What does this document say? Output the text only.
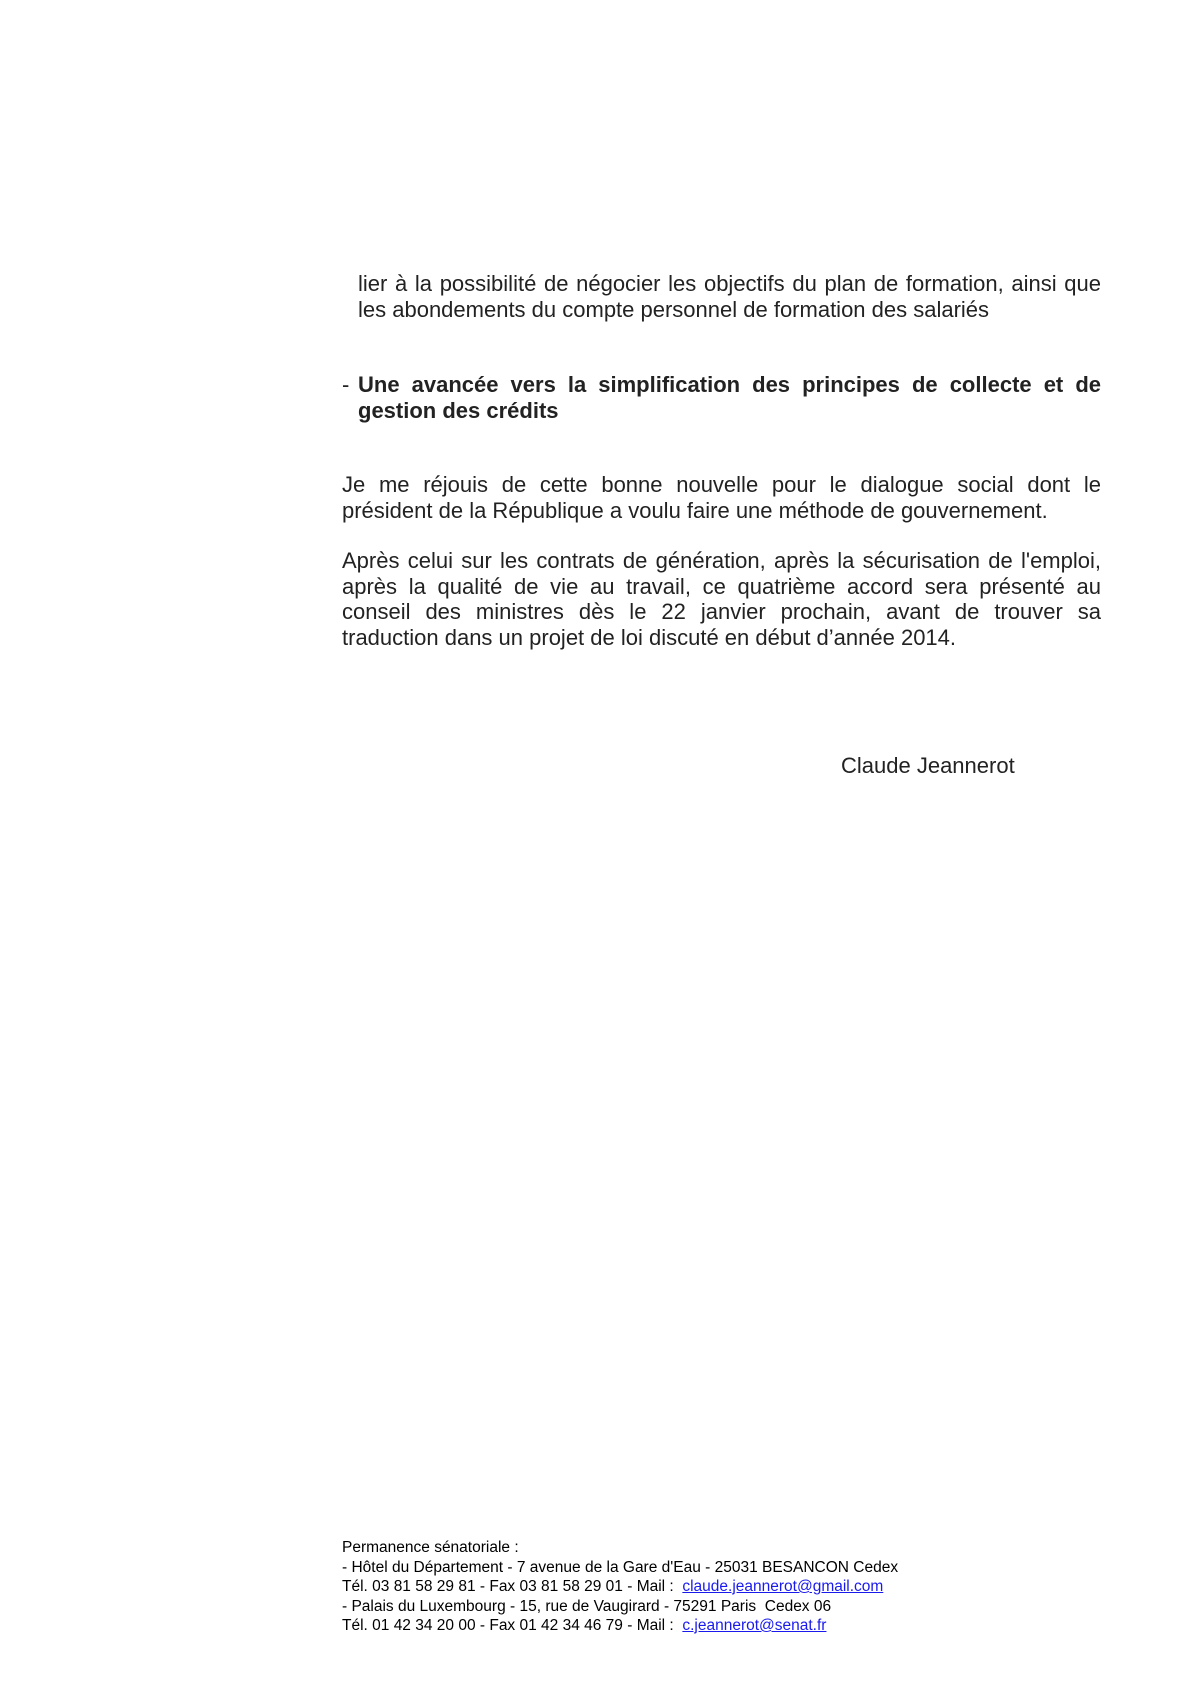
lier à la possibilité de négocier les objectifs du plan de formation, ainsi que les abondements du compte personnel de formation des salariés

- Une avancée vers la simplification des principes de collecte et de gestion des crédits

Je me réjouis de cette bonne nouvelle pour le dialogue social dont le président de la République a voulu faire une méthode de gouvernement.

Après celui sur les contrats de génération, après la sécurisation de l'emploi, après la qualité de vie au travail, ce quatrième accord sera présenté au conseil des ministres dès le 22 janvier prochain, avant de trouver sa traduction dans un projet de loi discuté en début d’année 2014.

Claude Jeannerot

Permanence sénatoriale :
- Hôtel du Département - 7 avenue de la Gare d'Eau - 25031 BESANCON Cedex
Tél. 03 81 58 29 81 - Fax 03 81 58 29 01 - Mail :  claude.jeannerot@gmail.com
- Palais du Luxembourg - 15, rue de Vaugirard - 75291 Paris  Cedex 06
Tél. 01 42 34 20 00 - Fax 01 42 34 46 79 - Mail :  c.jeannerot@senat.fr
